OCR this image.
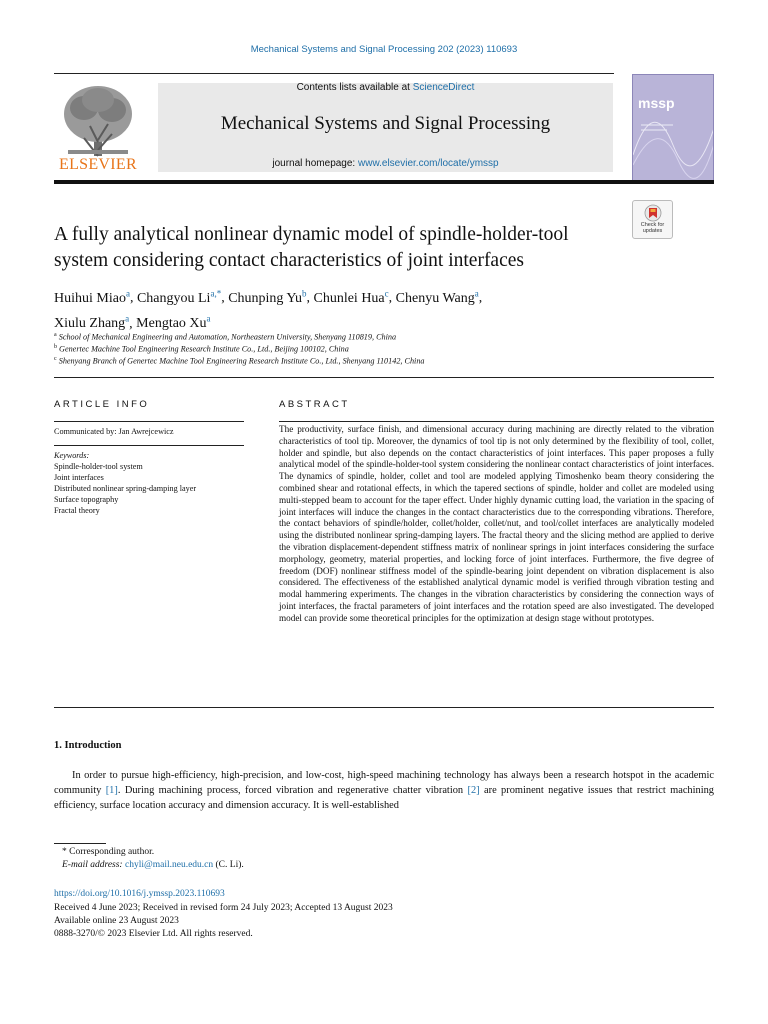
Mechanical Systems and Signal Processing 202 (2023) 110693
ELSEVIER
Contents lists available at ScienceDirect
Mechanical Systems and Signal Processing
journal homepage: www.elsevier.com/locate/ymssp
mssp
Check for
updates
A fully analytical nonlinear dynamic model of spindle-holder-tool system considering contact characteristics of joint interfaces
Huihui Miao$^a$, Changyou $Li^{a,*}$, Chunping Yu$^b$, Chunlei Hua$^c$, Chenyu Wang$^a$,
Xiulu Zhang$^a$, Mengtao Xu$^a$
$^a$ School of Mechanical Engineering and Automation, Northeastern University, Shenyang 110819, China
$^b$ Genertec Machine Tool Engineering Research Institute Co., Ltd., Beijing 100102, China
$^c$ Shenyang Branch of Genertec Machine Tool Engineering Research Institute Co., Ltd., Shenyang 110142, China
ARTICLE INFO
Communicated by: Jan Awrejcewicz
Keywords:
Spindle-holder-tool system
Joint interfaces
Distributed nonlinear spring-damping layer
Surface topography
Fractal theory
ABSTRACT
The productivity, surface finish, and dimensional accuracy during machining are directly related to the vibration characteristics of tool tip. Moreover, the dynamics of tool tip is not only determined by the flexibility of tool, collet, holder and spindle, but also depends on the contact characteristics of joint interfaces. This paper proposes a fully analytical model of the spindle-holder-tool system considering the nonlinear contact characteristics of joint interfaces. The dynamics of spindle, holder, collet and tool are modeled applying Timoshenko beam theory considering the combined shear and rotational effects, in which the tapered sections of spindle, holder and collet are modeled using multi-stepped beam to account for the taper effect. Under highly dynamic cutting load, the variation in the spacing of joint interfaces will induce the changes in the contact characteristics due to the corresponding vibrations. Therefore, the contact behaviors of spindle/holder, collet/holder, collet/nut, and tool/collet interfaces are analytically modeled using the distributed nonlinear spring-damping layers. The fractal theory and the slicing method are applied to derive the vibration displacement-dependent stiffness matrix of nonlinear springs in joint interfaces considering the surface morphology, geometry, material properties, and locking force of joint interfaces. Furthermore, the five degree of freedom (DOF) nonlinear stiffness model of the spindle-bearing joint dependent on vibration displacement is also considered. The effectiveness of the established analytical dynamic model is verified through vibration testing and modal hammering experiments. The changes in the vibration characteristics by considering the connection ways of joint interfaces, the fractal parameters of joint interfaces and the rotation speed are also investigated. The developed model can provide some theoretical principles for the optimization at design stage without prototypes.
1. Introduction
In order to pursue high-efficiency, high-precision, and low-cost, high-speed machining technology has always been a research hotspot in the academic community [1]. During machining process, forced vibration and regenerative chatter vibration [2] are prominent negative issues that restrict machining efficiency, surface location accuracy and dimension accuracy. It is well-established
* Corresponding author.
E-mail address: chyli@mail.neu.edu.cn (C. Li).
https://doi.org/10.1016/j.ymssp.2023.110693
Received 4 June 2023; Received in revised form 24 July 2023; Accepted 13 August 2023
Available online 23 August 2023
0888-3270/© 2023 Elsevier Ltd. All rights reserved.
